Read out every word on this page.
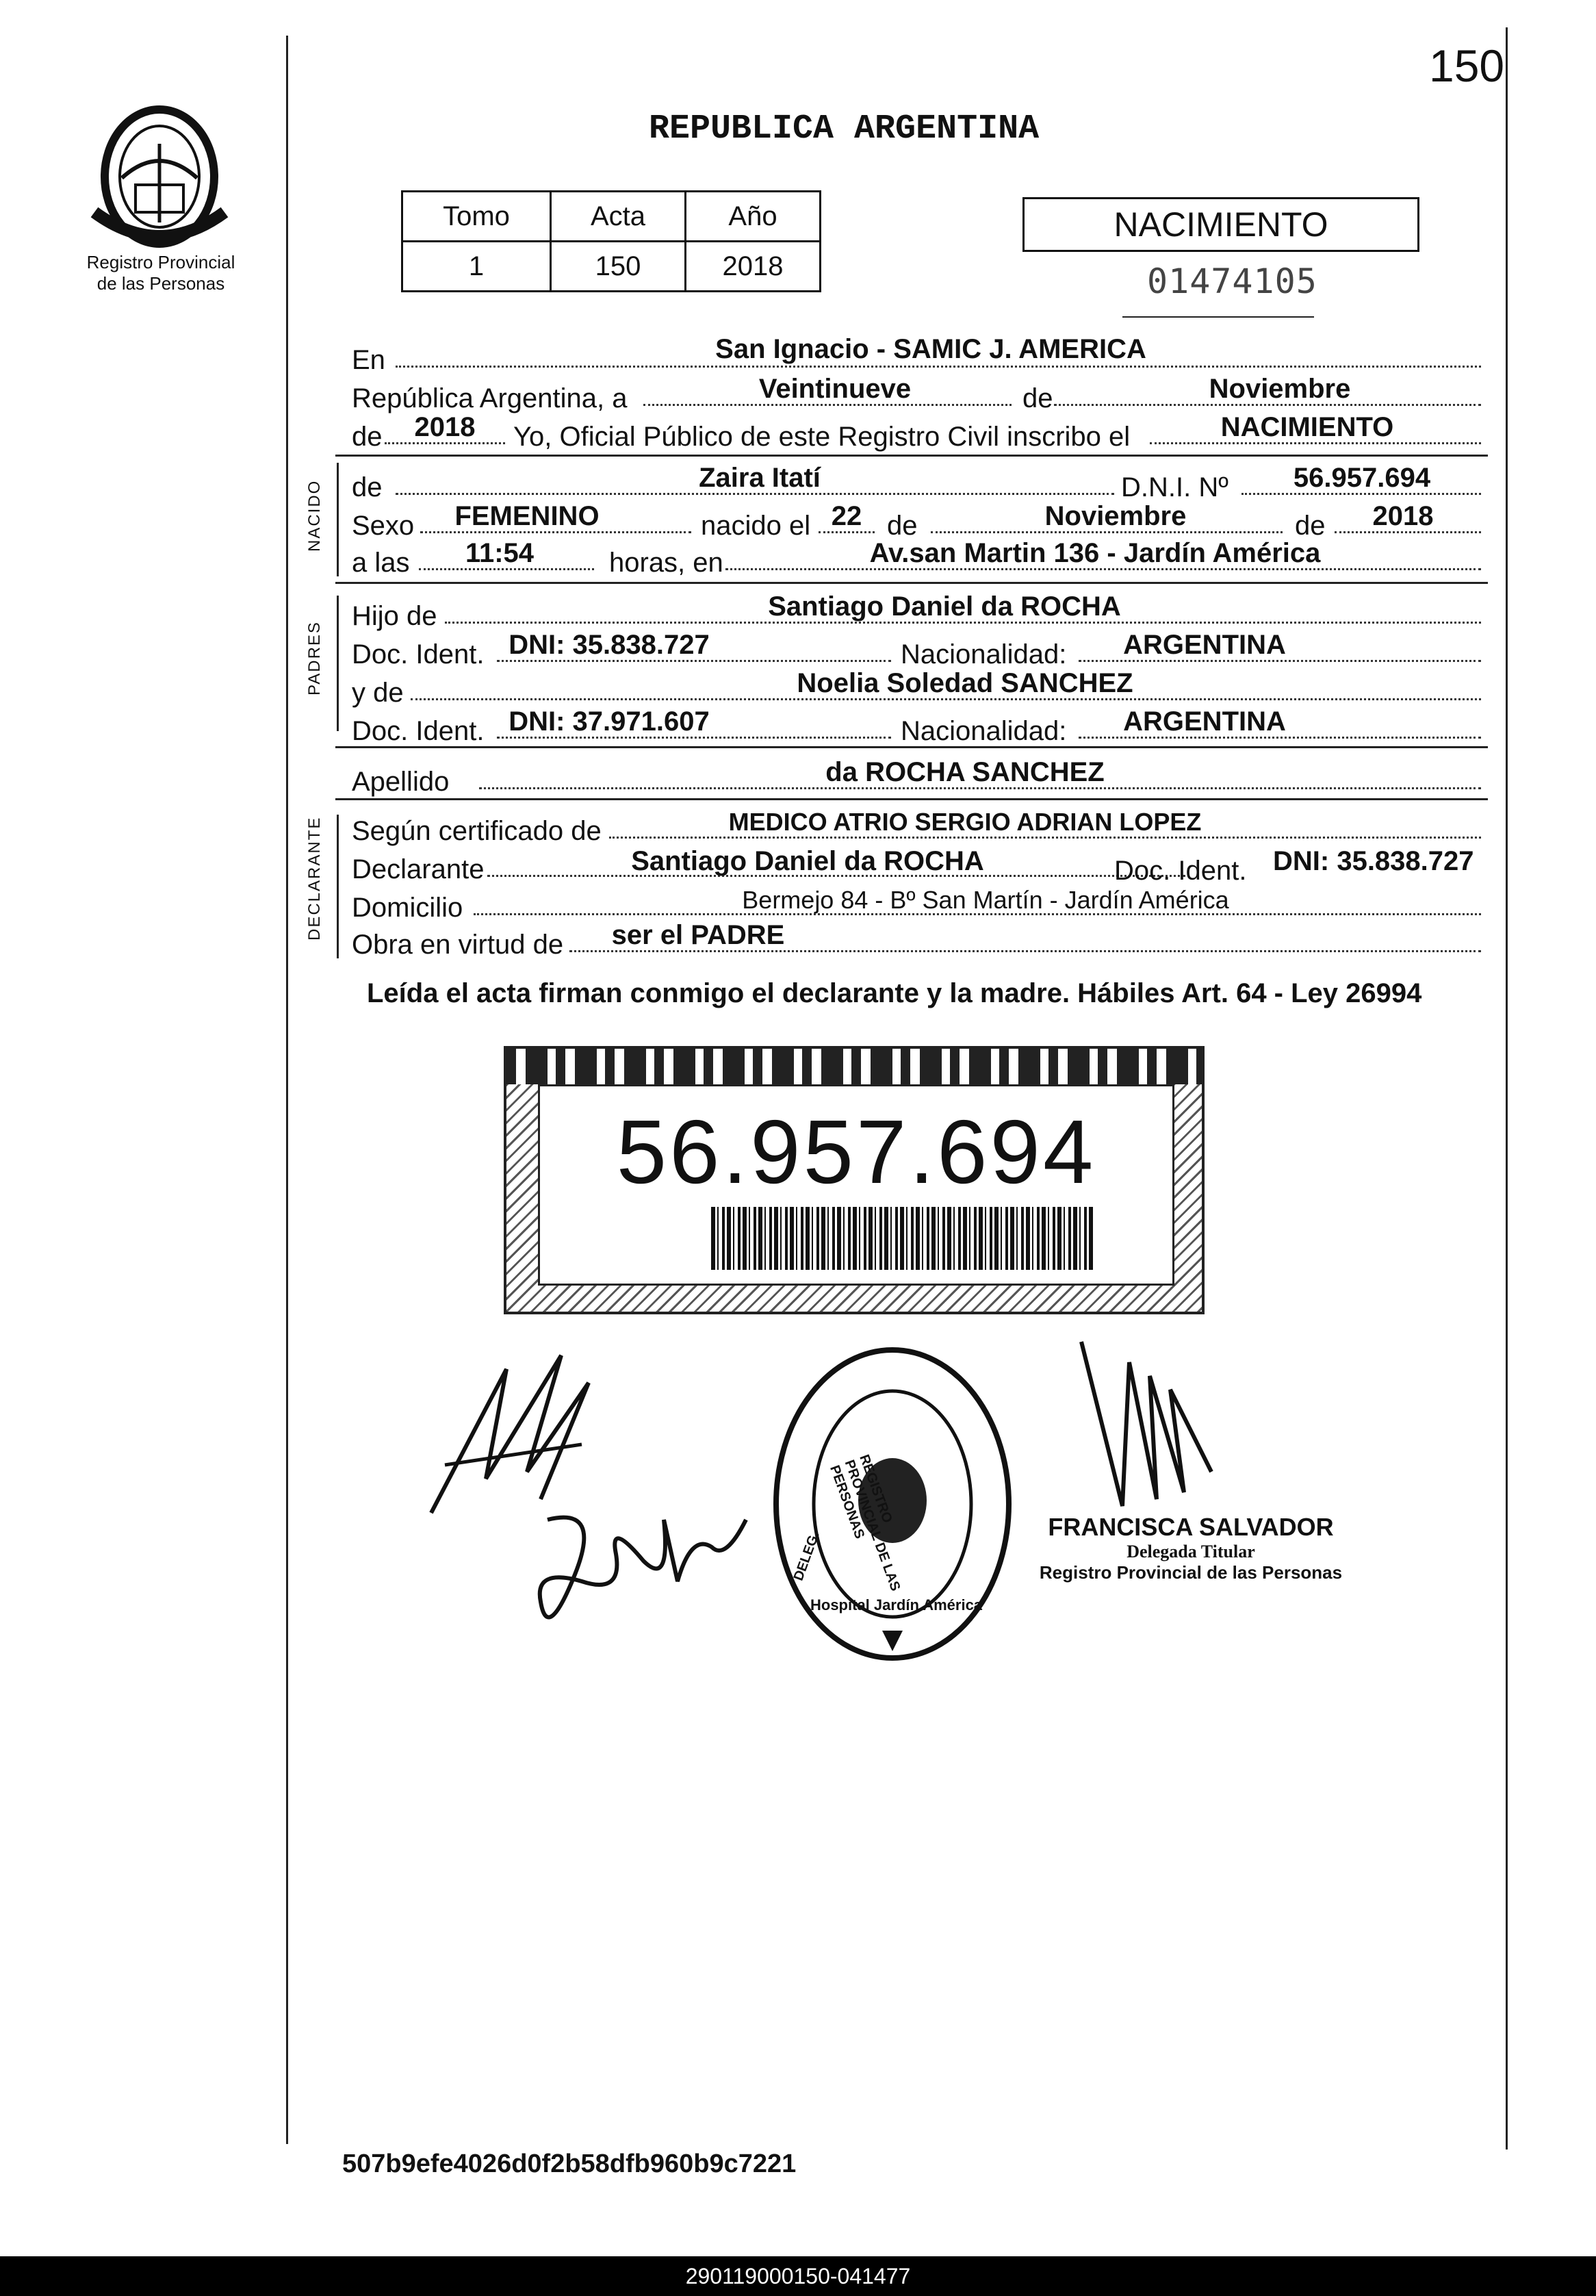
150
Registro Provincial
de las Personas
REPUBLICA ARGENTINA
Tomo	Acta	Año
1	150	2018
NACIMIENTO
01474105
En	San Ignacio - SAMIC J. AMERICA
República Argentina, a	Veintinueve	de	Noviembre
de	2018	Yo, Oficial Público de este Registro Civil inscribo el	NACIMIENTO
NACIDO de	Zaira Itatí	D.N.I. Nº	56.957.694
Sexo	FEMENINO	nacido el 22 de	Noviembre	de	2018
a las	11:54	horas, en	Av.san Martin 136 - Jardín América
PADRES
Hijo de	Santiago Daniel da ROCHA
Doc. Ident. DNI: 35.838.727	Nacionalidad:	ARGENTINA
y de	Noelia Soledad SANCHEZ
Doc. Ident. DNI: 37.971.607	Nacionalidad:	ARGENTINA
Apellido	da ROCHA SANCHEZ
DECLARANTE Según certificado de	MEDICO ATRIO SERGIO ADRIAN LOPEZ
Declarante	Santiago Daniel da ROCHA	Doc. Ident. DNI: 35.838.727
Domicilio	Bermejo 84 - Bº San Martín - Jardín América
Obra en virtud de	ser el PADRE
Leída el acta firman conmigo el declarante y la madre. Hábiles Art. 64 - Ley 26994
56.957.694
REGISTRO PROVINCIAL DE LAS PERSONAS
DELEG.
Hospital Jardín América
FRANCISCA SALVADOR
Delegada Titular
Registro Provincial de las Personas
507b9efe4026d0f2b58dfb960b9c7221
290119000150-041477
